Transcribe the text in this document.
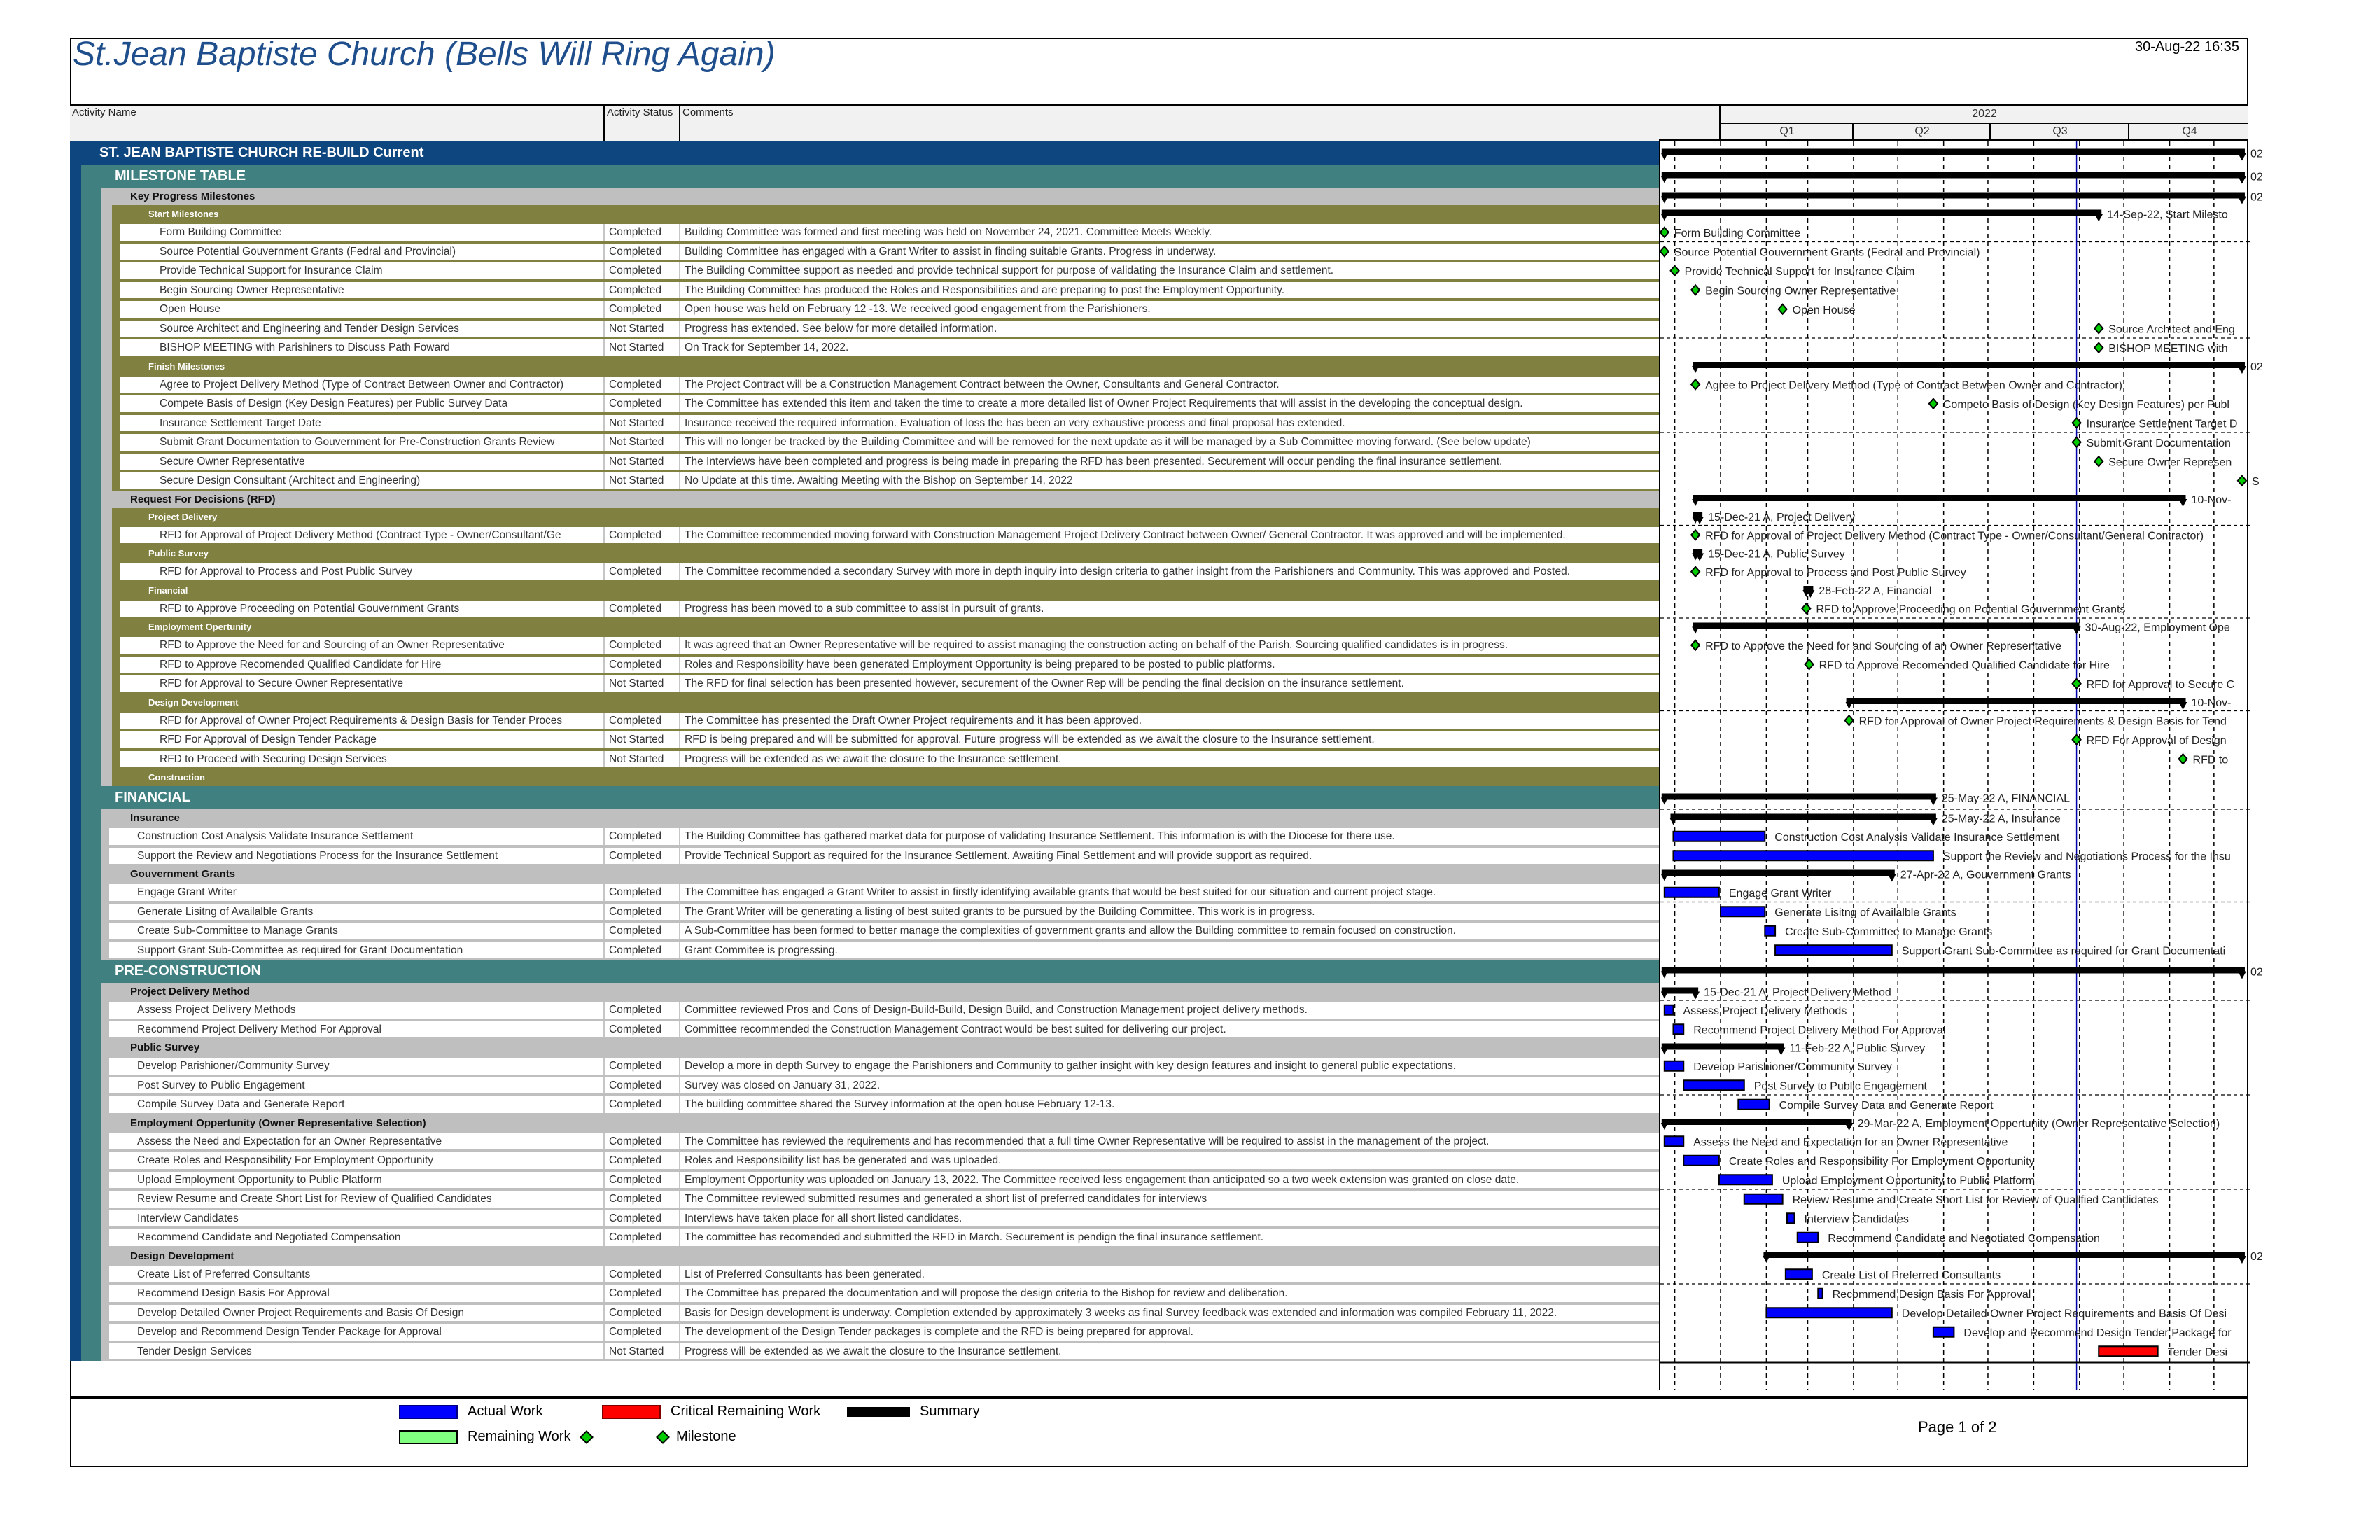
St.Jean Baptiste Church (Bells Will Ring Again)	30-Aug-22 16:35
Activity Name	Activity Status Comments	2022
Q1	Q2	Q3	Q4
ST. JEAN BAPTISTE CHURCH RE-BUILD Current
MILESTONE TABLE
Key Progress Milestones
Start Milestones
Form Building Committee	Completed	Building Committee was formed and first meeting was held on November 24, 2021. Committee Meets Weekly.
Source Potential Gouvernment Grants (Fedral and Provincial)	Completed	Building Committee has engaged with a Grant Writer to assist in finding suitable Grants. Progress in underway.
Provide Technical Support for Insurance Claim	Completed	The Building Committee support as needed and provide technical support for purpose of validating the Insurance Claim and settlement.
Begin Sourcing Owner Representative	Completed	The Building Committee has produced the Roles and Responsibilities and are preparing to post the Employment Opportunity.
Open House	Completed	Open house was held on February 12 -13. We received good engagement from the Parishioners.
Source Architect and Engineering and Tender Design Services	Not Started	Progress has extended. See below for more detailed information.
BISHOP MEETING with Parishiners to Discuss Path Foward	Not Started	On Track for September 14, 2022.
Finish Milestones
Agree to Project Delivery Method (Type of Contract Between Owner and Contractor)	Completed	The Project Contract will be a Construction Management Contract between the Owner, Consultants and General Contractor.
Compete Basis of Design (Key Design Features) per Public Survey Data	Completed	The Committee has extended this item and taken the time to create a more detailed list of Owner Project Requirements that will assist in the developing the conceptual design.
Insurance Settlement Target Date	Not Started	Insurance received the required information. Evaluation of loss the has been an very exhaustive process and final proposal has extended.
Submit Grant Documentation to Gouvernment for Pre-Construction Grants Review	Not Started	This will no longer be tracked by the Building Committee and will be removed for the next update as it will be managed by a Sub Committee moving forward. (See below update)
Secure Owner Representative	Not Started	The Interviews have been completed and progress is being made in preparing the RFD has been presented. Securement will occur pending the final insurance settlement.
Secure Design Consultant (Architect and Engineering)	Not Started	No Update at this time. Awaiting Meeting with the Bishop on September 14, 2022
Request For Decisions (RFD)
Project Delivery
RFD for Approval of Project Delivery Method (Contract Type - Owner/Consultant/Ge	Completed	The Committee recommended moving forward with Construction Management Project Delivery Contract between Owner/ General Contractor. It was approved and will be implemented.
Public Survey
RFD for Approval to Process and Post Public Survey	Completed	The Committee recommended a secondary Survey with more in depth inquiry into design criteria to gather insight from the Parishioners and Community. This was approved and Posted.
Financial
RFD to Approve Proceeding on Potential Gouvernment Grants	Completed	Progress has been moved to a sub committee to assist in pursuit of grants.
Employment Opertunity
RFD to Approve the Need for and Sourcing of an Owner Representative	Completed	It was agreed that an Owner Representative will be required to assist managing the construction acting on behalf of the Parish. Sourcing qualified candidates is in progress.
RFD to Approve Recomended Qualified Candidate for Hire	Completed	Roles and Responsibility have been generated Employment Opportunity is being prepared to be posted to public platforms.
RFD for Approval to Secure Owner Representative	Not Started	The RFD for final selection has been presented however, securement of the Owner Rep will be pending the final decision on the insurance settlement.
Design Development
RFD for Approval of Owner Project Requirements & Design Basis for Tender Proces	Completed	The Committee has presented the Draft Owner Project requirements and it has been approved.
RFD For Approval of Design Tender Package	Not Started	RFD is being prepared and will be submitted for approval. Future progress will be extended as we await the closure to the Insurance settlement.
RFD to Proceed with Securing Design Services	Not Started	Progress will be extended as we await the closure to the Insurance settlement.
Construction
FINANCIAL
Insurance
Construction Cost Analysis Validate Insurance Settlement	Completed	The Building Committee has gathered market data for purpose of validating Insurance Settlement. This information is with the Diocese for there use.
Support the Review and Negotiations Process for the Insurance Settlement	Completed	Provide Technical Support as required for the Insurance Settlement. Awaiting Final Settlement and will provide support as required.
Gouvernment Grants
Engage Grant Writer	Completed	The Committee has engaged a Grant Writer to assist in firstly identifying available grants that would be best suited for our situation and current project stage.
Generate Lisitng of Availalble Grants	Completed	The Grant Writer will be generating a listing of best suited grants to be pursued by the Building Committee. This work is in progress.
Create Sub-Committee to Manage Grants	Completed	A Sub-Committee has been formed to better manage the complexities of government grants and allow the Building committee to remain focused on construction.
Support Grant Sub-Committee as required for Grant Documentation	Completed	Grant Commitee is progressing.
PRE-CONSTRUCTION
Project Delivery Method
Assess Project Delivery Methods	Completed	Committee reviewed Pros and Cons of Design-Build-Build, Design Build, and Construction Management project delivery methods.
Recommend Project Delivery Method For Approval	Completed	Committee recommended the Construction Management Contract would be best suited for delivering our project.
Public Survey
Develop Parishioner/Community Survey	Completed	Develop a more in depth Survey to engage the Parishioners and Community to gather insight with key design features and insight to general public expectations.
Post Survey to Public Engagement	Completed	Survey was closed on January 31, 2022.
Compile Survey Data and Generate Report	Completed	The building committee shared the Survey information at the open house February 12-13.
Employment Oppertunity (Owner Representative Selection)
Assess the Need and Expectation for an Owner Representative	Completed	The Committee has reviewed the requirements and has recommended that a full time Owner Representative will be required to assist in the management of the project.
Create Roles and Responsibility For Employment Opportunity	Completed	Roles and Responsibility list has be generated and was uploaded.
Upload Employment Opportunity to Public Platform	Completed	Employment Opportunity was uploaded on January 13, 2022. The Committee received less engagement than anticipated so a two week extension was granted on close date.
Review Resume and Create Short List for Review of Qualified Candidates	Completed	The Committee reviewed submitted resumes and generated a short list of preferred candidates for interviews
Interview Candidates	Completed	Interviews have taken place for all short listed candidates.
Recommend Candidate and Negotiated Compensation	Completed	The committee has recomended and submitted the RFD in March. Securement is pendign the final insurance settlement.
Design Development
Create List of Preferred Consultants	Completed	List of Preferred Consultants has been generated.
Recommend Design Basis For Approval	Completed	The Committee has prepared the documentation and will propose the design criteria to the Bishop for review and deliberation.
Develop Detailed Owner Project Requirements and Basis Of Design	Completed	Basis for Design development is underway. Completion extended by approximately 3 weeks as final Survey feedback was extended and information was compiled February 11, 2022.
Develop and Recommend Design Tender Package for Approval	Completed	The development of the Design Tender packages is complete and the RFD is being prepared for approval.
Tender Design Services	Not Started	Progress will be extended as we await the closure to the Insurance settlement.
02
02
02
14-Sep-22, Start Milesto
Form Building Committee
Source Potential Gouvernment Grants (Fedral and Provincial)
Provide Technical Support for Insurance Claim
Begin Sourcing Owner Representative
Open House
Source Architect and Eng
BISHOP MEETING with
02
Agree to Project Delivery Method (Type of Contract Between Owner and Contractor)
Compete Basis of Design (Key Design Features) per Publ
Insurance Settlement Target D
Submit Grant Documentation
Secure Owner Represen
S
10-Nov-
15-Dec-21 A, Project Delivery
RFD for Approval of Project Delivery Method (Contract Type - Owner/Consultant/General Contractor)
15-Dec-21 A, Public Survey
RFD for Approval to Process and Post Public Survey
28-Feb-22 A, Financial
RFD to Approve Proceeding on Potential Gouvernment Grants
30-Aug-22, Employment Ope
RFD to Approve the Need for and Sourcing of an Owner Representative
RFD to Approve Recomended Qualified Candidate for Hire
RFD for Approval to Secure C
10-Nov-
RFD for Approval of Owner Project Requirements & Design Basis for Tend
RFD For Approval of Design
RFD to
25-May-22 A, FINANCIAL
25-May-22 A, Insurance
Construction Cost Analysis Validate Insurance Settlement
Support the Review and Negotiations Process for the Insu
27-Apr-22 A, Gouvernment Grants
Engage Grant Writer
Generate Lisitng of Availalble Grants
Create Sub-Committee to Manage Grants
Support Grant Sub-Committee as required for Grant Documentati
02
15-Dec-21 A, Project Delivery Method
Assess Project Delivery Methods
Recommend Project Delivery Method For Approval
11-Feb-22 A, Public Survey
Develop Parishioner/Community Survey
Post Survey to Public Engagement
Compile Survey Data and Generate Report
29-Mar-22 A, Employment Oppertunity (Owner Representative Selection)
Assess the Need and Expectation for an Owner Representative
Create Roles and Responsibility For Employment Opportunity
Upload Employment Opportunity to Public Platform
Review Resume and Create Short List for Review of Qualified Candidates
Interview Candidates
Recommend Candidate and Negotiated Compensation
02
Create List of Preferred Consultants
Recommend Design Basis For Approval
Develop Detailed Owner Project Requirements and Basis Of Desi
Develop and Recommend Design Tender Package for
Tender Desi
Actual Work	Critical Remaining Work	Summary
Remaining Work	Milestone
Page 1 of 2
